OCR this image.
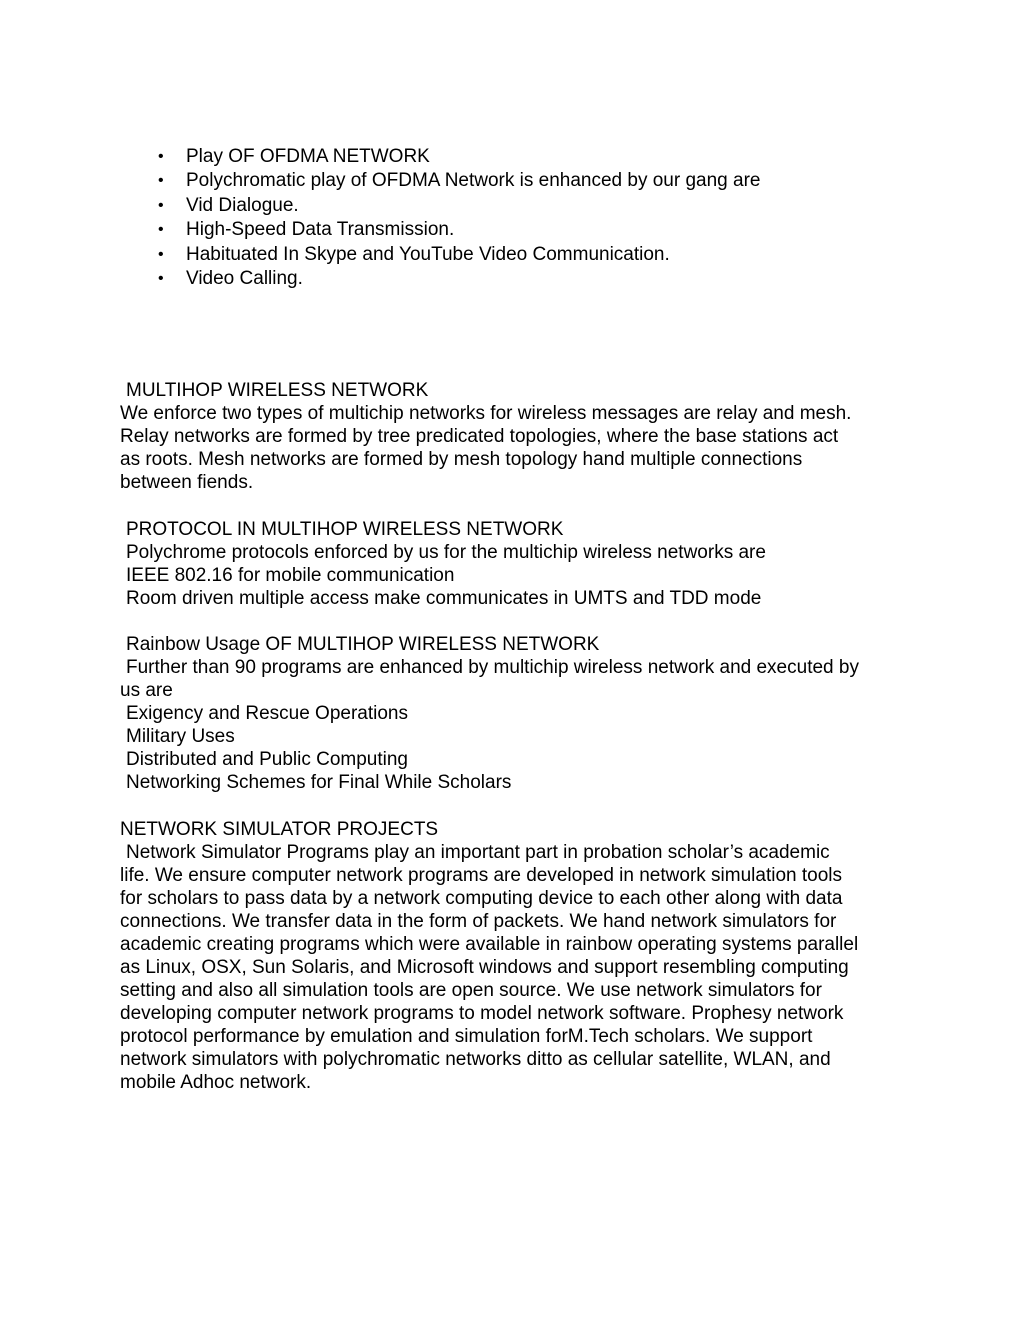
• Play OF OFDMA NETWORK
• Polychromatic play of OFDMA Network is enhanced by our gang are
• Vid Dialogue.
• High-Speed Data Transmission.
• Habituated In Skype and YouTube Video Communication.
• Video Calling.

MULTIHOP WIRELESS NETWORK

We enforce two types of multichip networks for wireless messages are relay and mesh.

Relay networks are formed by tree predicated topologies, where the base stations act

as roots. Mesh networks are formed by mesh topology hand multiple connections

between fiends.

PROTOCOL IN MULTIHOP WIRELESS NETWORK

Polychrome protocols enforced by us for the multichip wireless networks are

IEEE 802.16 for mobile communication

Room driven multiple access make communicates in UMTS and TDD mode

Rainbow Usage OF MULTIHOP WIRELESS NETWORK

Further than 90 programs are enhanced by multichip wireless network and executed by

us are

Exigency and Rescue Operations

Military Uses

Distributed and Public Computing

Networking Schemes for Final While Scholars

NETWORK SIMULATOR PROJECTS

Network Simulator Programs play an important part in probation scholar’s academic

life. We ensure computer network programs are developed in network simulation tools

for scholars to pass data by a network computing device to each other along with data

connections. We transfer data in the form of packets. We hand network simulators for

academic creating programs which were available in rainbow operating systems parallel

as Linux, OSX, Sun Solaris, and Microsoft windows and support resembling computing

setting and also all simulation tools are open source. We use network simulators for

developing computer network programs to model network software. Prophesy network

protocol performance by emulation and simulation forM.Tech scholars. We support

network simulators with polychromatic networks ditto as cellular satellite, WLAN, and

mobile Adhoc network.
